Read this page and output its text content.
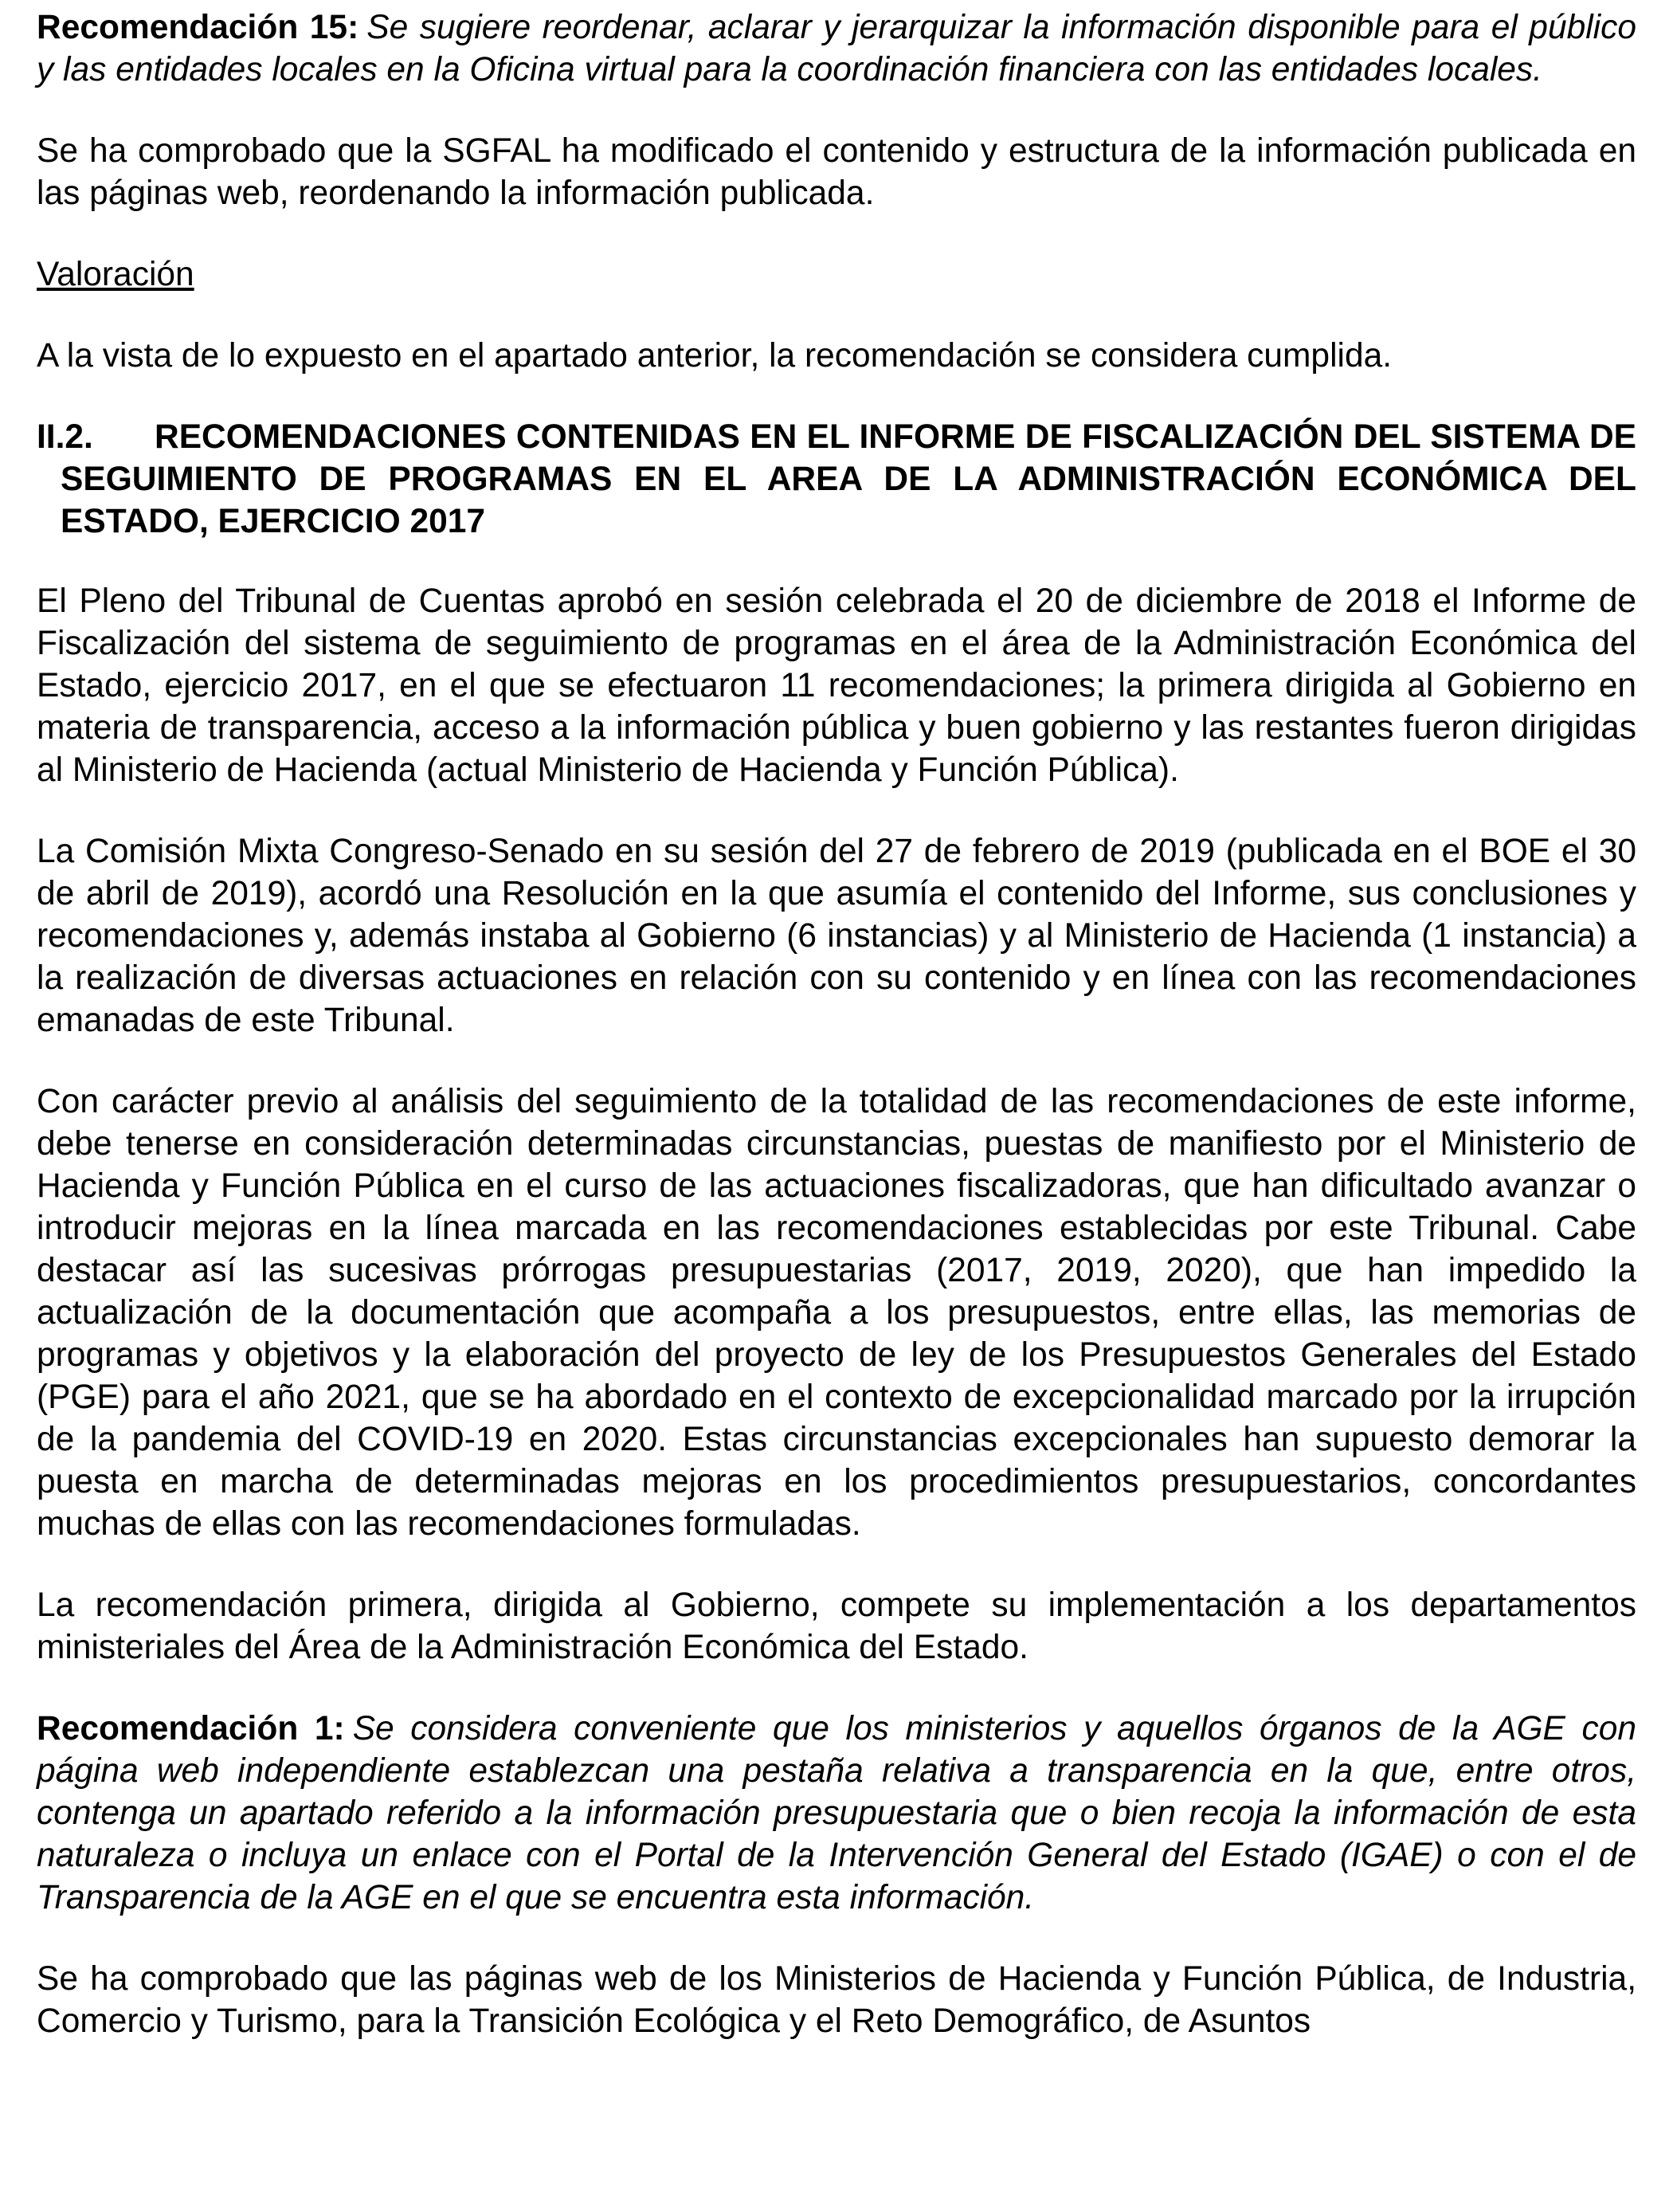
Recomendación 15: Se sugiere reordenar, aclarar y jerarquizar la información disponible para el público y las entidades locales en la Oficina virtual para la coordinación financiera con las entidades locales.

Se ha comprobado que la SGFAL ha modificado el contenido y estructura de la información publicada en las páginas web, reordenando la información publicada.

Valoración

A la vista de lo expuesto en el apartado anterior, la recomendación se considera cumplida.

II.2. RECOMENDACIONES CONTENIDAS EN EL INFORME DE FISCALIZACIÓN DEL SISTEMA DE SEGUIMIENTO DE PROGRAMAS EN EL AREA DE LA ADMINISTRACIÓN ECONÓMICA DEL ESTADO, EJERCICIO 2017

El Pleno del Tribunal de Cuentas aprobó en sesión celebrada el 20 de diciembre de 2018 el Informe de Fiscalización del sistema de seguimiento de programas en el área de la Administración Económica del Estado, ejercicio 2017, en el que se efectuaron 11 recomendaciones; la primera dirigida al Gobierno en materia de transparencia, acceso a la información pública y buen gobierno y las restantes fueron dirigidas al Ministerio de Hacienda (actual Ministerio de Hacienda y Función Pública).

La Comisión Mixta Congreso-Senado en su sesión del 27 de febrero de 2019 (publicada en el BOE el 30 de abril de 2019), acordó una Resolución en la que asumía el contenido del Informe, sus conclusiones y recomendaciones y, además instaba al Gobierno (6 instancias) y al Ministerio de Hacienda (1 instancia) a la realización de diversas actuaciones en relación con su contenido y en línea con las recomendaciones emanadas de este Tribunal.

Con carácter previo al análisis del seguimiento de la totalidad de las recomendaciones de este informe, debe tenerse en consideración determinadas circunstancias, puestas de manifiesto por el Ministerio de Hacienda y Función Pública en el curso de las actuaciones fiscalizadoras, que han dificultado avanzar o introducir mejoras en la línea marcada en las recomendaciones establecidas por este Tribunal. Cabe destacar así las sucesivas prórrogas presupuestarias (2017, 2019, 2020), que han impedido la actualización de la documentación que acompaña a los presupuestos, entre ellas, las memorias de programas y objetivos y la elaboración del proyecto de ley de los Presupuestos Generales del Estado (PGE) para el año 2021, que se ha abordado en el contexto de excepcionalidad marcado por la irrupción de la pandemia del COVID-19 en 2020. Estas circunstancias excepcionales han supuesto demorar la puesta en marcha de determinadas mejoras en los procedimientos presupuestarios, concordantes muchas de ellas con las recomendaciones formuladas.

La recomendación primera, dirigida al Gobierno, compete su implementación a los departamentos ministeriales del Área de la Administración Económica del Estado.

Recomendación 1: Se considera conveniente que los ministerios y aquellos órganos de la AGE con página web independiente establezcan una pestaña relativa a transparencia en la que, entre otros, contenga un apartado referido a la información presupuestaria que o bien recoja la información de esta naturaleza o incluya un enlace con el Portal de la Intervención General del Estado (IGAE) o con el de Transparencia de la AGE en el que se encuentra esta información.

Se ha comprobado que las páginas web de los Ministerios de Hacienda y Función Pública, de Industria, Comercio y Turismo, para la Transición Ecológica y el Reto Demográfico, de Asuntos
